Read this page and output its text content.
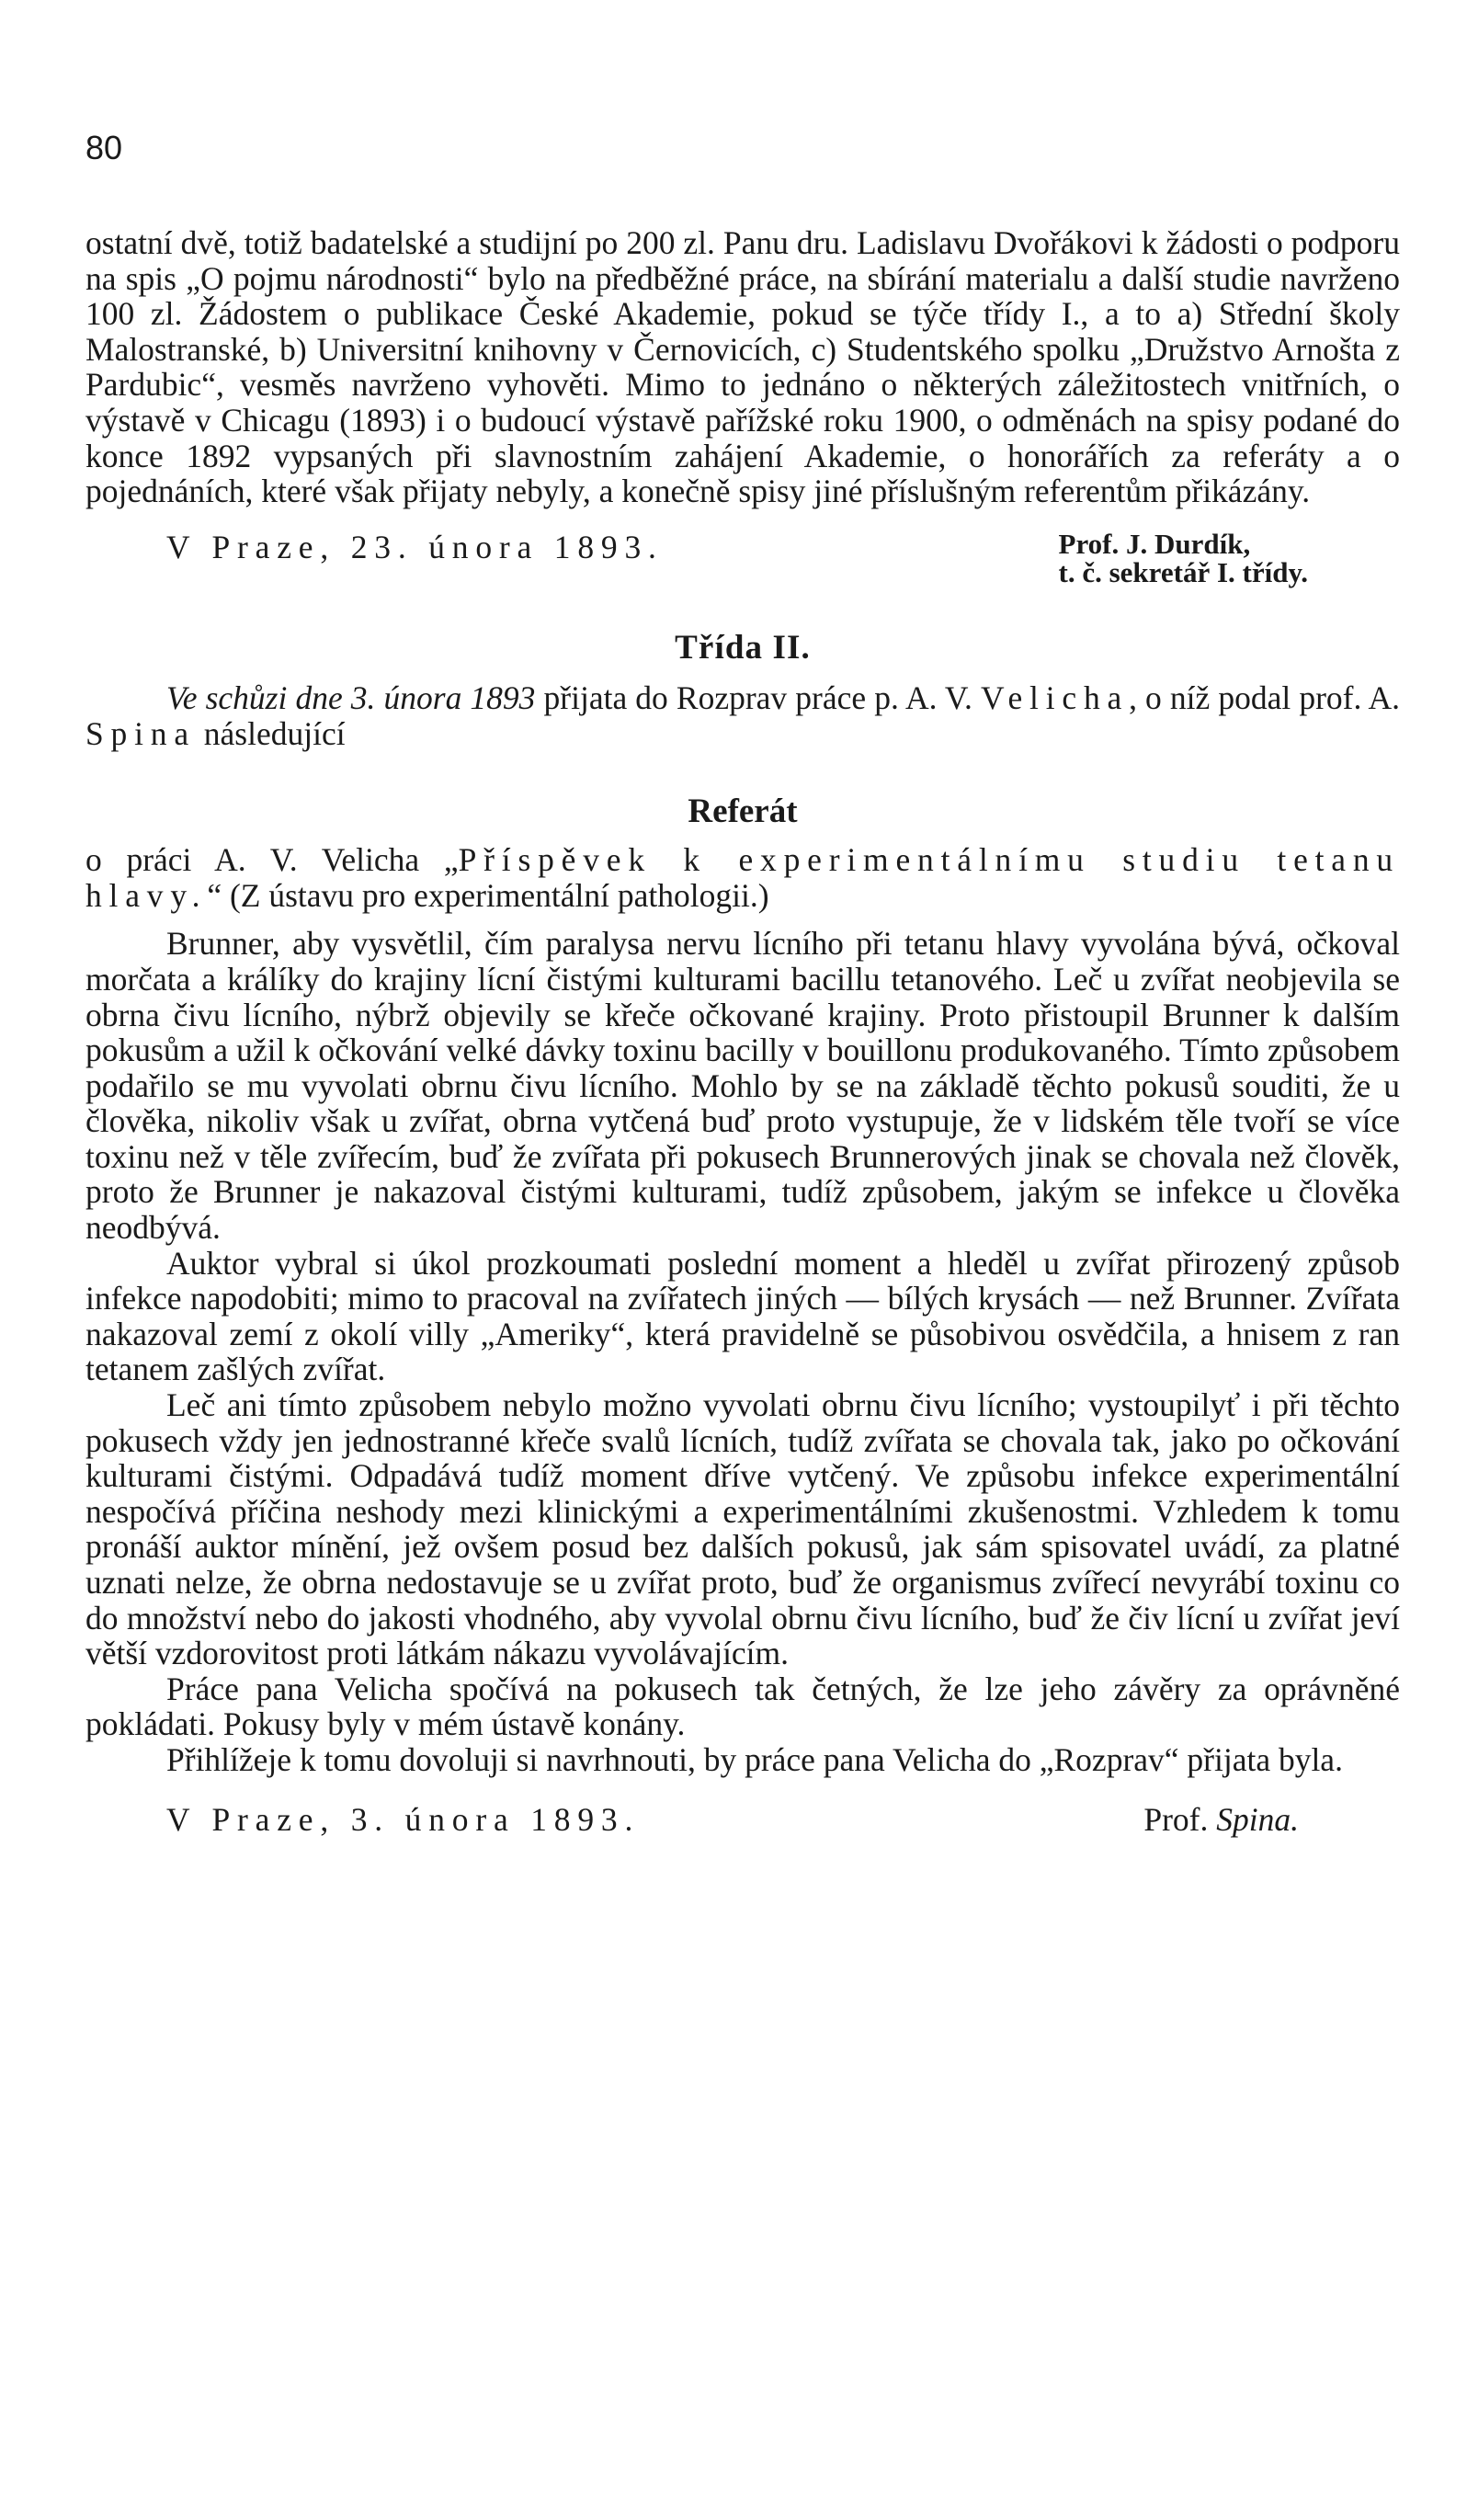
80

ostatní dvě, totiž badatelské a studijní po 200 zl. Panu dru. Ladislavu Dvořákovi k žádosti o podporu na spis „O pojmu národnosti“ bylo na předběžné práce, na sbírání materialu a další studie navrženo 100 zl. Žádostem o publikace České Akademie, pokud se týče třídy I., a to a) Střední školy Malostranské, b) Universitní knihovny v Černovicích, c) Studentského spolku „Družstvo Arnošta z Pardubic“, vesměs navrženo vyhověti. Mimo to jednáno o některých záležitostech vnitřních, o výstavě v Chicagu (1893) i o budoucí výstavě pařížské roku 1900, o odměnách na spisy podané do konce 1892 vypsaných při slavnostním zahájení Akademie, o honorářích za referáty a o pojednáních, které však přijaty nebyly, a konečně spisy jiné příslušným referentům přikázány.

V Praze, 23. února 1893.	Prof. J. Durdík,
t. č. sekretář I. třídy.
Třída II.

Ve schůzi dne 3. února 1893 přijata do Rozprav práce p. A. V. Velicha, o níž podal prof. A. Spina následující

Referát

o práci A. V. Velicha „Příspěvek k experimentálnímu studiu tetanu hlavy.“ (Z ústavu pro experimentální pathologii.)

Brunner, aby vysvětlil, čím paralysa nervu lícního při tetanu hlavy vyvolána bývá, očkoval morčata a králíky do krajiny lícní čistými kulturami bacillu tetanového. Leč u zvířat neobjevila se obrna čivu lícního, nýbrž objevily se křeče očkované krajiny. Proto přistoupil Brunner k dalším pokusům a užil k očkování velké dávky toxinu bacilly v bouillonu produkovaného. Tímto způsobem podařilo se mu vyvolati obrnu čivu lícního. Mohlo by se na základě těchto pokusů souditi, že u člověka, nikoliv však u zvířat, obrna vytčená buď proto vystupuje, že v lidském těle tvoří se více toxinu než v těle zvířecím, buď že zvířata při pokusech Brunnerových jinak se chovala než člověk, proto že Brunner je nakazoval čistými kulturami, tudíž způsobem, jakým se infekce u člověka neodbývá.

Auktor vybral si úkol prozkoumati poslední moment a hleděl u zvířat přirozený způsob infekce napodobiti; mimo to pracoval na zvířatech jiných — bílých krysách — než Brunner. Zvířata nakazoval zemí z okolí villy „Ameriky“, která pravidelně se působivou osvědčila, a hnisem z ran tetanem zašlých zvířat.

Leč ani tímto způsobem nebylo možno vyvolati obrnu čivu lícního; vystoupilyť i při těchto pokusech vždy jen jednostranné křeče svalů lícních, tudíž zvířata se chovala tak, jako po očkování kulturami čistými. Odpadává tudíž moment dříve vytčený. Ve způsobu infekce experimentální nespočívá příčina neshody mezi klinickými a experimentálními zkušenostmi. Vzhledem k tomu pronáší auktor mínění, jež ovšem posud bez dalších pokusů, jak sám spisovatel uvádí, za platné uznati nelze, že obrna nedostavuje se u zvířat proto, buď že organismus zvířecí nevyrábí toxinu co do množství nebo do jakosti vhodného, aby vyvolal obrnu čivu lícního, buď že čiv lícní u zvířat jeví větší vzdorovitost proti látkám nákazu vyvolávajícím.

Práce pana Velicha spočívá na pokusech tak četných, že lze jeho závěry za oprávněné pokládati. Pokusy byly v mém ústavě konány.

Přihlížeje k tomu dovoluji si navrhnouti, by práce pana Velicha do „Rozprav“ přijata byla.

V Praze, 3. února 1893.	Prof. Spina.
